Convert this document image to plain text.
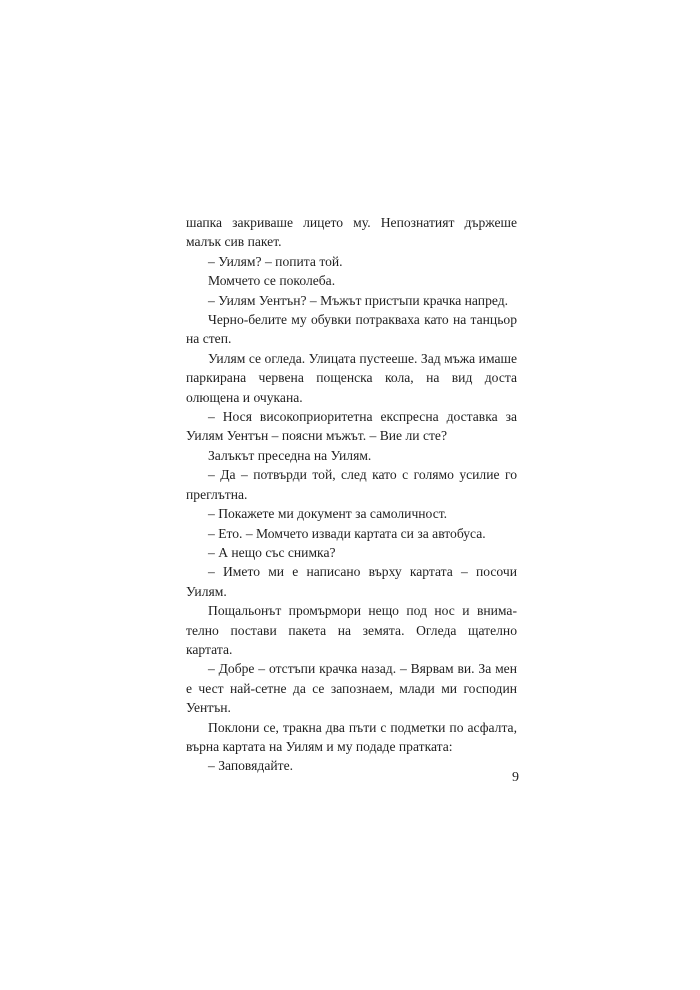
шапка закриваше лицето му. Непознатият държеше малък сив пакет.

– Уилям? – попита той.

Момчето се поколеба.

– Уилям Уентън? – Мъжът пристъпи крачка напред.

Черно-белите му обувки потракваха като на танцьор на степ.

Уилям се огледа. Улицата пустееше. Зад мъжа имаше паркирана червена пощенска кола, на вид доста олющена и очукана.

– Нося високоприоритетна експресна доставка за Уилям Уентън – поясни мъжът. – Вие ли сте?

Залъкът преседна на Уилям.

– Да – потвърди той, след като с голямо усилие го преглътна.

– Покажете ми документ за самоличност.

– Ето. – Момчето извади картата си за автобуса.

– А нещо със снимка?

– Името ми е написано върху картата – посочи Уилям.

Пощальонът промърмори нещо под нос и внимателно постави пакета на земята. Огледа щателно картата.

– Добре – отстъпи крачка назад. – Вярвам ви. За мен е чест най-сетне да се запознаем, млади ми господин Уентън.

Поклони се, тракна два пъти с подметки по асфалта, върна картата на Уилям и му подаде пратката:

– Заповядайте.

9
